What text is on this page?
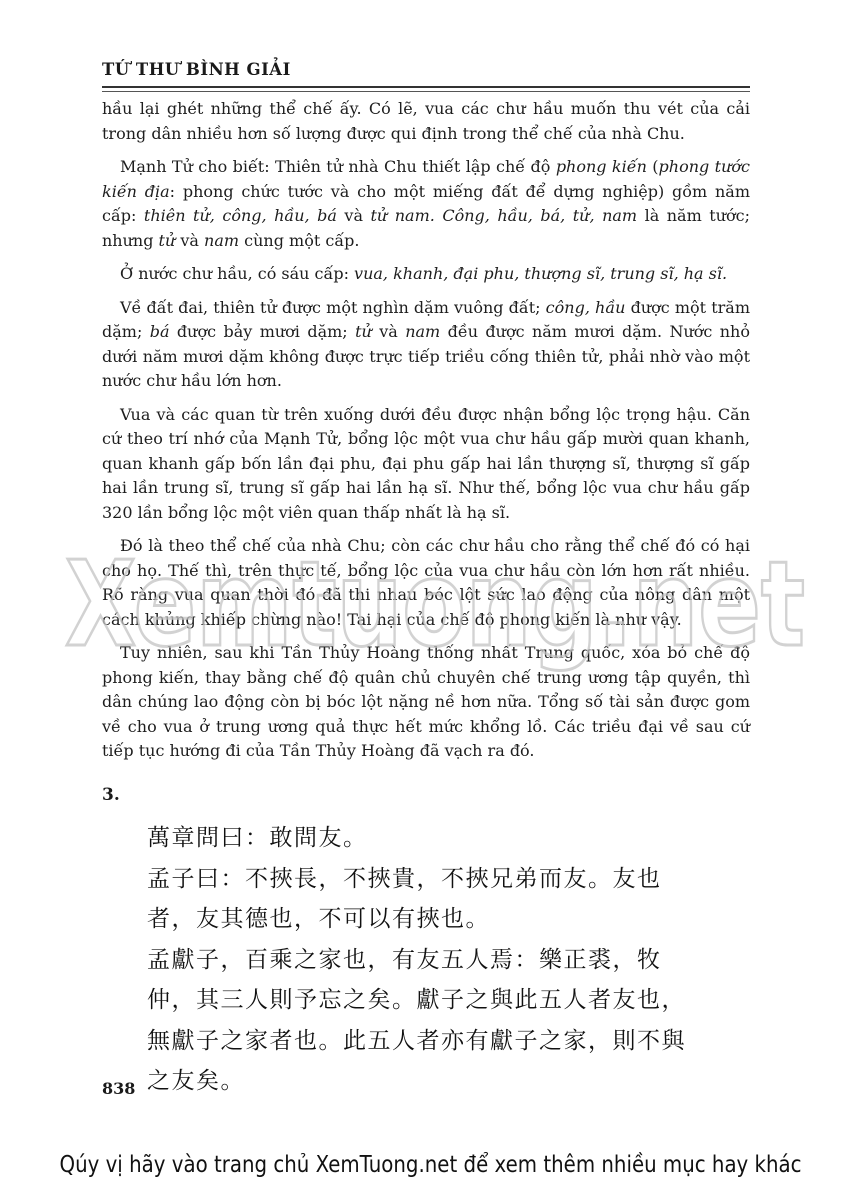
TỨ THƯ BÌNH GIẢI

hầu lại ghét những thể chế ấy. Có lẽ, vua các chư hầu muốn thu vét của cải trong dân nhiều hơn số lượng được qui định trong thể chế của nhà Chu.

Mạnh Tử cho biết: Thiên tử nhà Chu thiết lập chế độ phong kiến (phong tước kiến địa: phong chức tước và cho một miếng đất để dựng nghiệp) gồm năm cấp: thiên tử, công, hầu, bá và tử nam. Công, hầu, bá, tử, nam là năm tước; nhưng tử và nam cùng một cấp.

Ở nước chư hầu, có sáu cấp: vua, khanh, đại phu, thượng sĩ, trung sĩ, hạ sĩ.

Về đất đai, thiên tử được một nghìn dặm vuông đất; công, hầu được một trăm dặm; bá được bảy mươi dặm; tử và nam đều được năm mươi dặm. Nước nhỏ dưới năm mươi dặm không được trực tiếp triều cống thiên tử, phải nhờ vào một nước chư hầu lớn hơn.

Vua và các quan từ trên xuống dưới đều được nhận bổng lộc trọng hậu. Căn cứ theo trí nhớ của Mạnh Tử, bổng lộc một vua chư hầu gấp mười quan khanh, quan khanh gấp bốn lần đại phu, đại phu gấp hai lần thượng sĩ, thượng sĩ gấp hai lần trung sĩ, trung sĩ gấp hai lần hạ sĩ. Như thế, bổng lộc vua chư hầu gấp 320 lần bổng lộc một viên quan thấp nhất là hạ sĩ.

Đó là theo thể chế của nhà Chu; còn các chư hầu cho rằng thể chế đó có hại cho họ. Thế thì, trên thực tế, bổng lộc của vua chư hầu còn lớn hơn rất nhiều. Rõ ràng vua quan thời đó đã thi nhau bóc lột sức lao động của nông dân một cách khủng khiếp chừng nào! Tai hại của chế độ phong kiến là như vậy.

Tuy nhiên, sau khi Tần Thủy Hoàng thống nhất Trung quốc, xóa bỏ chế độ phong kiến, thay bằng chế độ quân chủ chuyên chế trung ương tập quyền, thì dân chúng lao động còn bị bóc lột nặng nề hơn nữa. Tổng số tài sản được gom về cho vua ở trung ương quả thực hết mức khổng lồ. Các triều đại về sau cứ tiếp tục hướng đi của Tần Thủy Hoàng đã vạch ra đó.

Xemtuong.net
3.
萬章問曰：敢問友。
孟子曰：不挾長，不挾貴，不挾兄弟而友。友也
者，友其德也，不可以有挾也。
孟獻子，百乘之家也，有友五人焉：樂正裘，牧
仲，其三人則予忘之矣。獻子之與此五人者友也，
無獻子之家者也。此五人者亦有獻子之家，則不與
之友矣。
838
Qúy vị hãy vào trang chủ XemTuong.net để xem thêm nhiều mục hay khác
